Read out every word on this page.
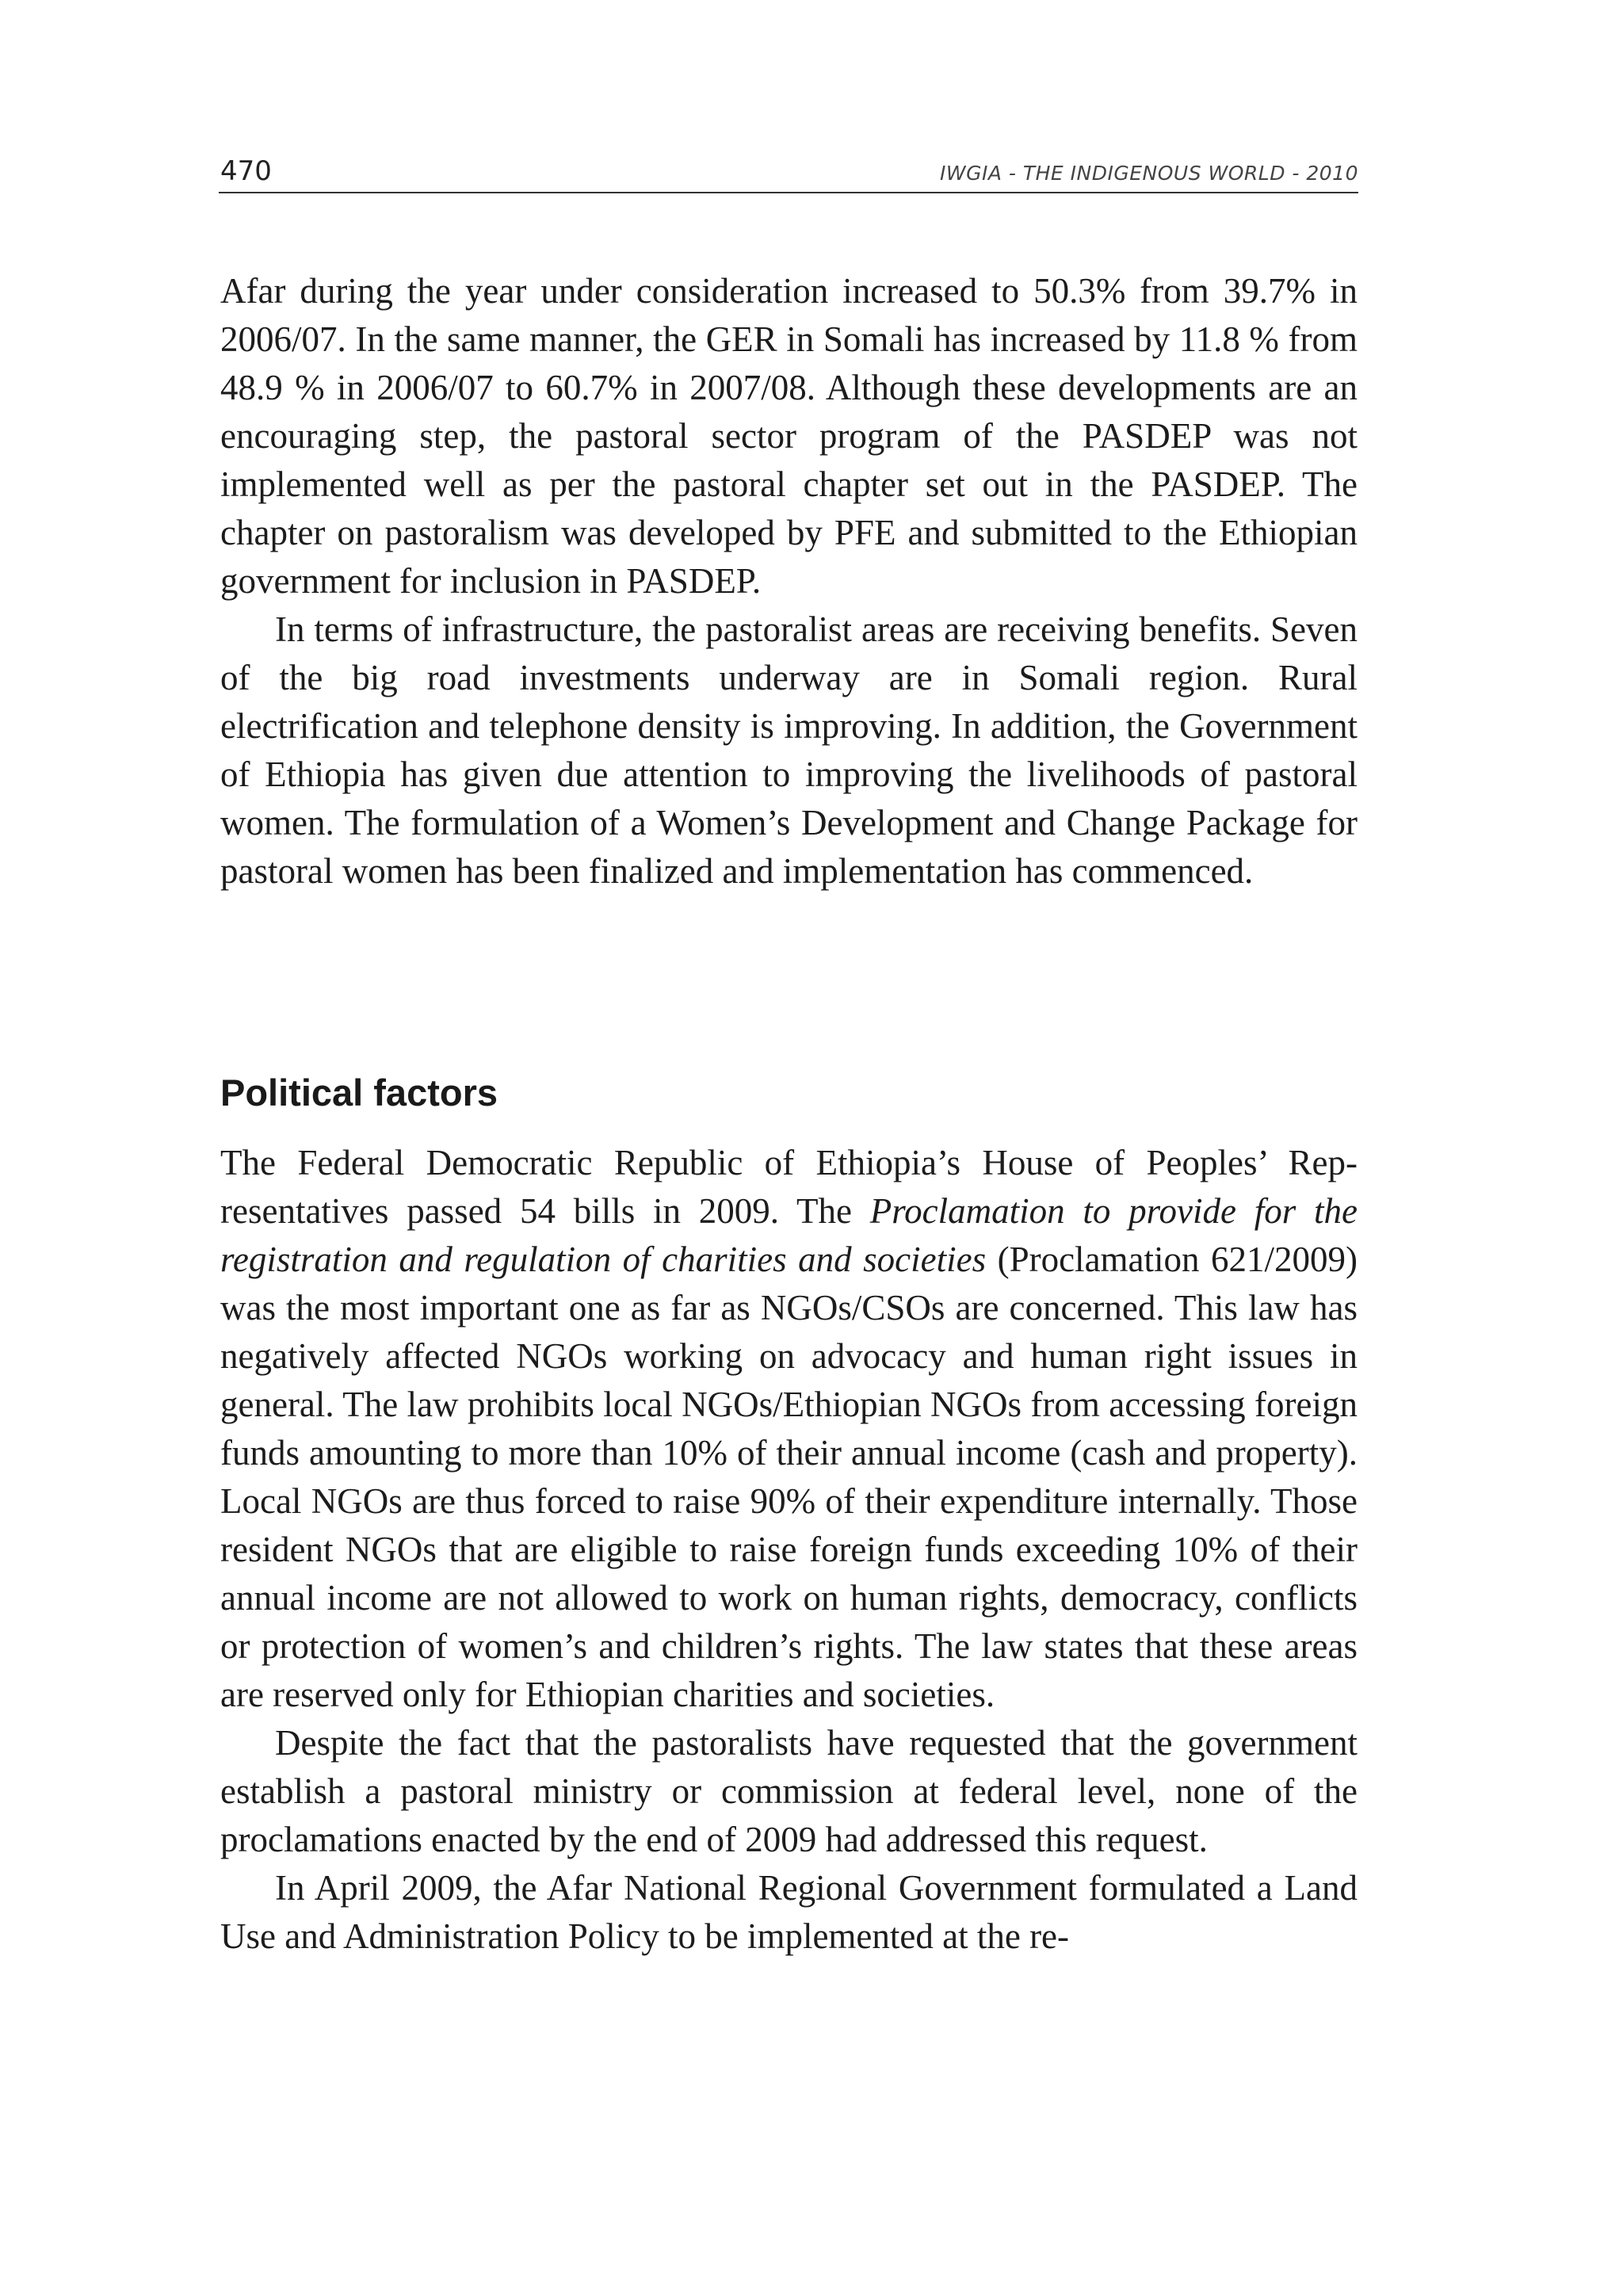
470	IWGIA - THE INDIGENOUS WORLD - 2010

Afar during the year under consideration increased to 50.3% from 39.7% in 2006/07. In the same manner, the GER in Somali has increased by 11.8 % from 48.9 % in 2006/07 to 60.7% in 2007/08. Although these developments are an encouraging step, the pastoral sector program of the PASDEP was not implemented well as per the pastoral chapter set out in the PASDEP. The chapter on pastoralism was developed by PFE and submitted to the Ethiopian government for inclusion in PASDEP.

In terms of infrastructure, the pastoralist areas are receiving benefits. Seven of the big road investments underway are in Somali region. Rural electrification and telephone density is improving. In addition, the Government of Ethiopia has given due attention to improving the livelihoods of pastoral women. The formulation of a Women’s Development and Change Package for pastoral women has been finalized and implementation has commenced.

Political factors

The Federal Democratic Republic of Ethiopia’s House of Peoples’ Representatives passed 54 bills in 2009. The Proclamation to provide for the registration and regulation of charities and societies (Proclamation 621/2009) was the most important one as far as NGOs/CSOs are concerned. This law has negatively affected NGOs working on advocacy and human right issues in general. The law prohibits local NGOs/Ethiopian NGOs from accessing foreign funds amounting to more than 10% of their annual income (cash and property). Local NGOs are thus forced to raise 90% of their expenditure internally. Those resident NGOs that are eligible to raise foreign funds exceeding 10% of their annual income are not allowed to work on human rights, democracy, conflicts or protection of women’s and children’s rights. The law states that these areas are reserved only for Ethiopian charities and societies.

Despite the fact that the pastoralists have requested that the government establish a pastoral ministry or commission at federal level, none of the proclamations enacted by the end of 2009 had addressed this request.

In April 2009, the Afar National Regional Government formulated a Land Use and Administration Policy to be implemented at the re-
